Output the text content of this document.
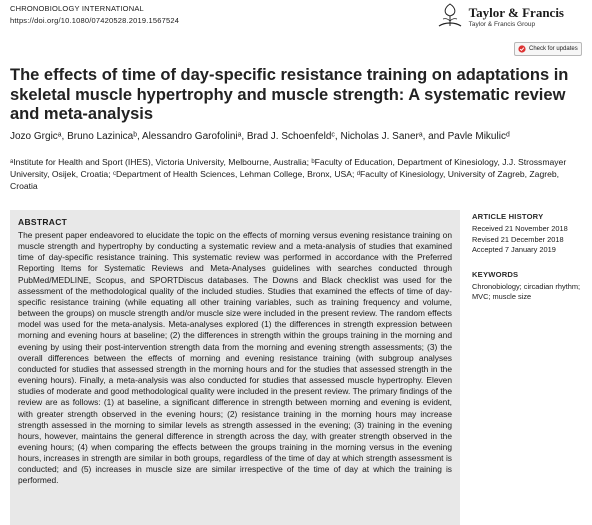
CHRONOBIOLOGY INTERNATIONAL
https://doi.org/10.1080/07420528.2019.1567524
Taylor & Francis
Taylor & Francis Group
Check for updates
The effects of time of day-specific resistance training on adaptations in skeletal muscle hypertrophy and muscle strength: A systematic review and meta-analysis
Jozo Grgicᵃ, Bruno Lazinicaᵇ, Alessandro Garofoliniᵃ, Brad J. Schoenfeldᶜ, Nicholas J. Sanerᵃ, and Pavle Mikulicᵈ
ᵃInstitute for Health and Sport (IHES), Victoria University, Melbourne, Australia; ᵇFaculty of Education, Department of Kinesiology, J.J. Strossmayer University, Osijek, Croatia; ᶜDepartment of Health Sciences, Lehman College, Bronx, USA; ᵈFaculty of Kinesiology, University of Zagreb, Zagreb, Croatia
ABSTRACT
The present paper endeavored to elucidate the topic on the effects of morning versus evening resistance training on muscle strength and hypertrophy by conducting a systematic review and a meta-analysis of studies that examined time of day-specific resistance training. This systematic review was performed in accordance with the Preferred Reporting Items for Systematic Reviews and Meta-Analyses guidelines with searches conducted through PubMed/MEDLINE, Scopus, and SPORTDiscus databases. The Downs and Black checklist was used for the assessment of the methodological quality of the included studies. Studies that examined the effects of time of day-specific resistance training (while equating all other training variables, such as training frequency and volume, between the groups) on muscle strength and/or muscle size were included in the present review. The random effects model was used for the meta-analysis. Meta-analyses explored (1) the differences in strength expression between morning and evening hours at baseline; (2) the differences in strength within the groups training in the morning and evening by using their post-intervention strength data from the morning and evening strength assessments; (3) the overall differences between the effects of morning and evening resistance training (with subgroup analyses conducted for studies that assessed strength in the morning hours and for the studies that assessed strength in the evening hours). Finally, a meta-analysis was also conducted for studies that assessed muscle hypertrophy. Eleven studies of moderate and good methodological quality were included in the present review. The primary findings of the review are as follows: (1) at baseline, a significant difference in strength between morning and evening is evident, with greater strength observed in the evening hours; (2) resistance training in the morning hours may increase strength assessed in the morning to similar levels as strength assessed in the evening; (3) training in the evening hours, however, maintains the general difference in strength across the day, with greater strength observed in the evening hours; (4) when comparing the effects between the groups training in the morning versus in the evening hours, increases in strength are similar in both groups, regardless of the time of day at which strength assessment is conducted; and (5) increases in muscle size are similar irrespective of the time of day at which the training is performed.
ARTICLE HISTORY
Received 21 November 2018
Revised 21 December 2018
Accepted 7 January 2019
KEYWORDS
Chronobiology; circadian rhythm; MVC; muscle size
